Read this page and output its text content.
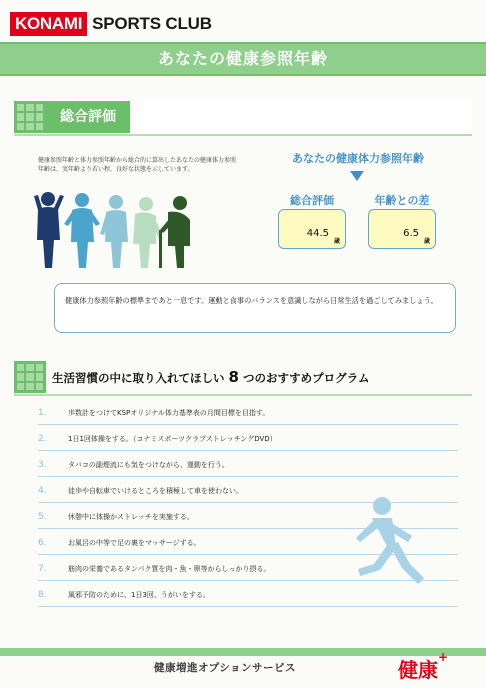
KONAMI SPORTS CLUB
あなたの健康参照年齢
総合評価
健康参照年齢と体力参照年齢から総合的に算出したあなたの健康体力参照年齢は、実年齢より若い程、良好な状態を示しています。
あなたの健康体力参照年齢
総合評価	年齢との差
44.5
歳
6.5
歳
健康体力参照年齢の標準まであと一息です。運動と食事のバランスを意識しながら日常生活を過ごしてみましょう。
生活習慣の中に取り入れてほしい 8 つのおすすめプログラム
1.	歩数計をつけてKSPオリジナル体力基準表の月間目標を目指す。
2.	1日1回体操をする。（コナミスポーツクラブストレッチングDVD）
3.	タバコの副煙流にも気をつけながら、運動を行う。
4.	徒歩や自転車でいけるところを積極して車を使わない。
5.	休憩中に体操かストレッチを実施する。
6.	お風呂の中等で足の裏をマッサージする。
7.	筋肉の栄養であるタンパク質を肉・魚・卵等からしっかり摂る。
8.	風邪予防のために、1日3回、うがいをする。
健康増進オプションサービス	健康+
